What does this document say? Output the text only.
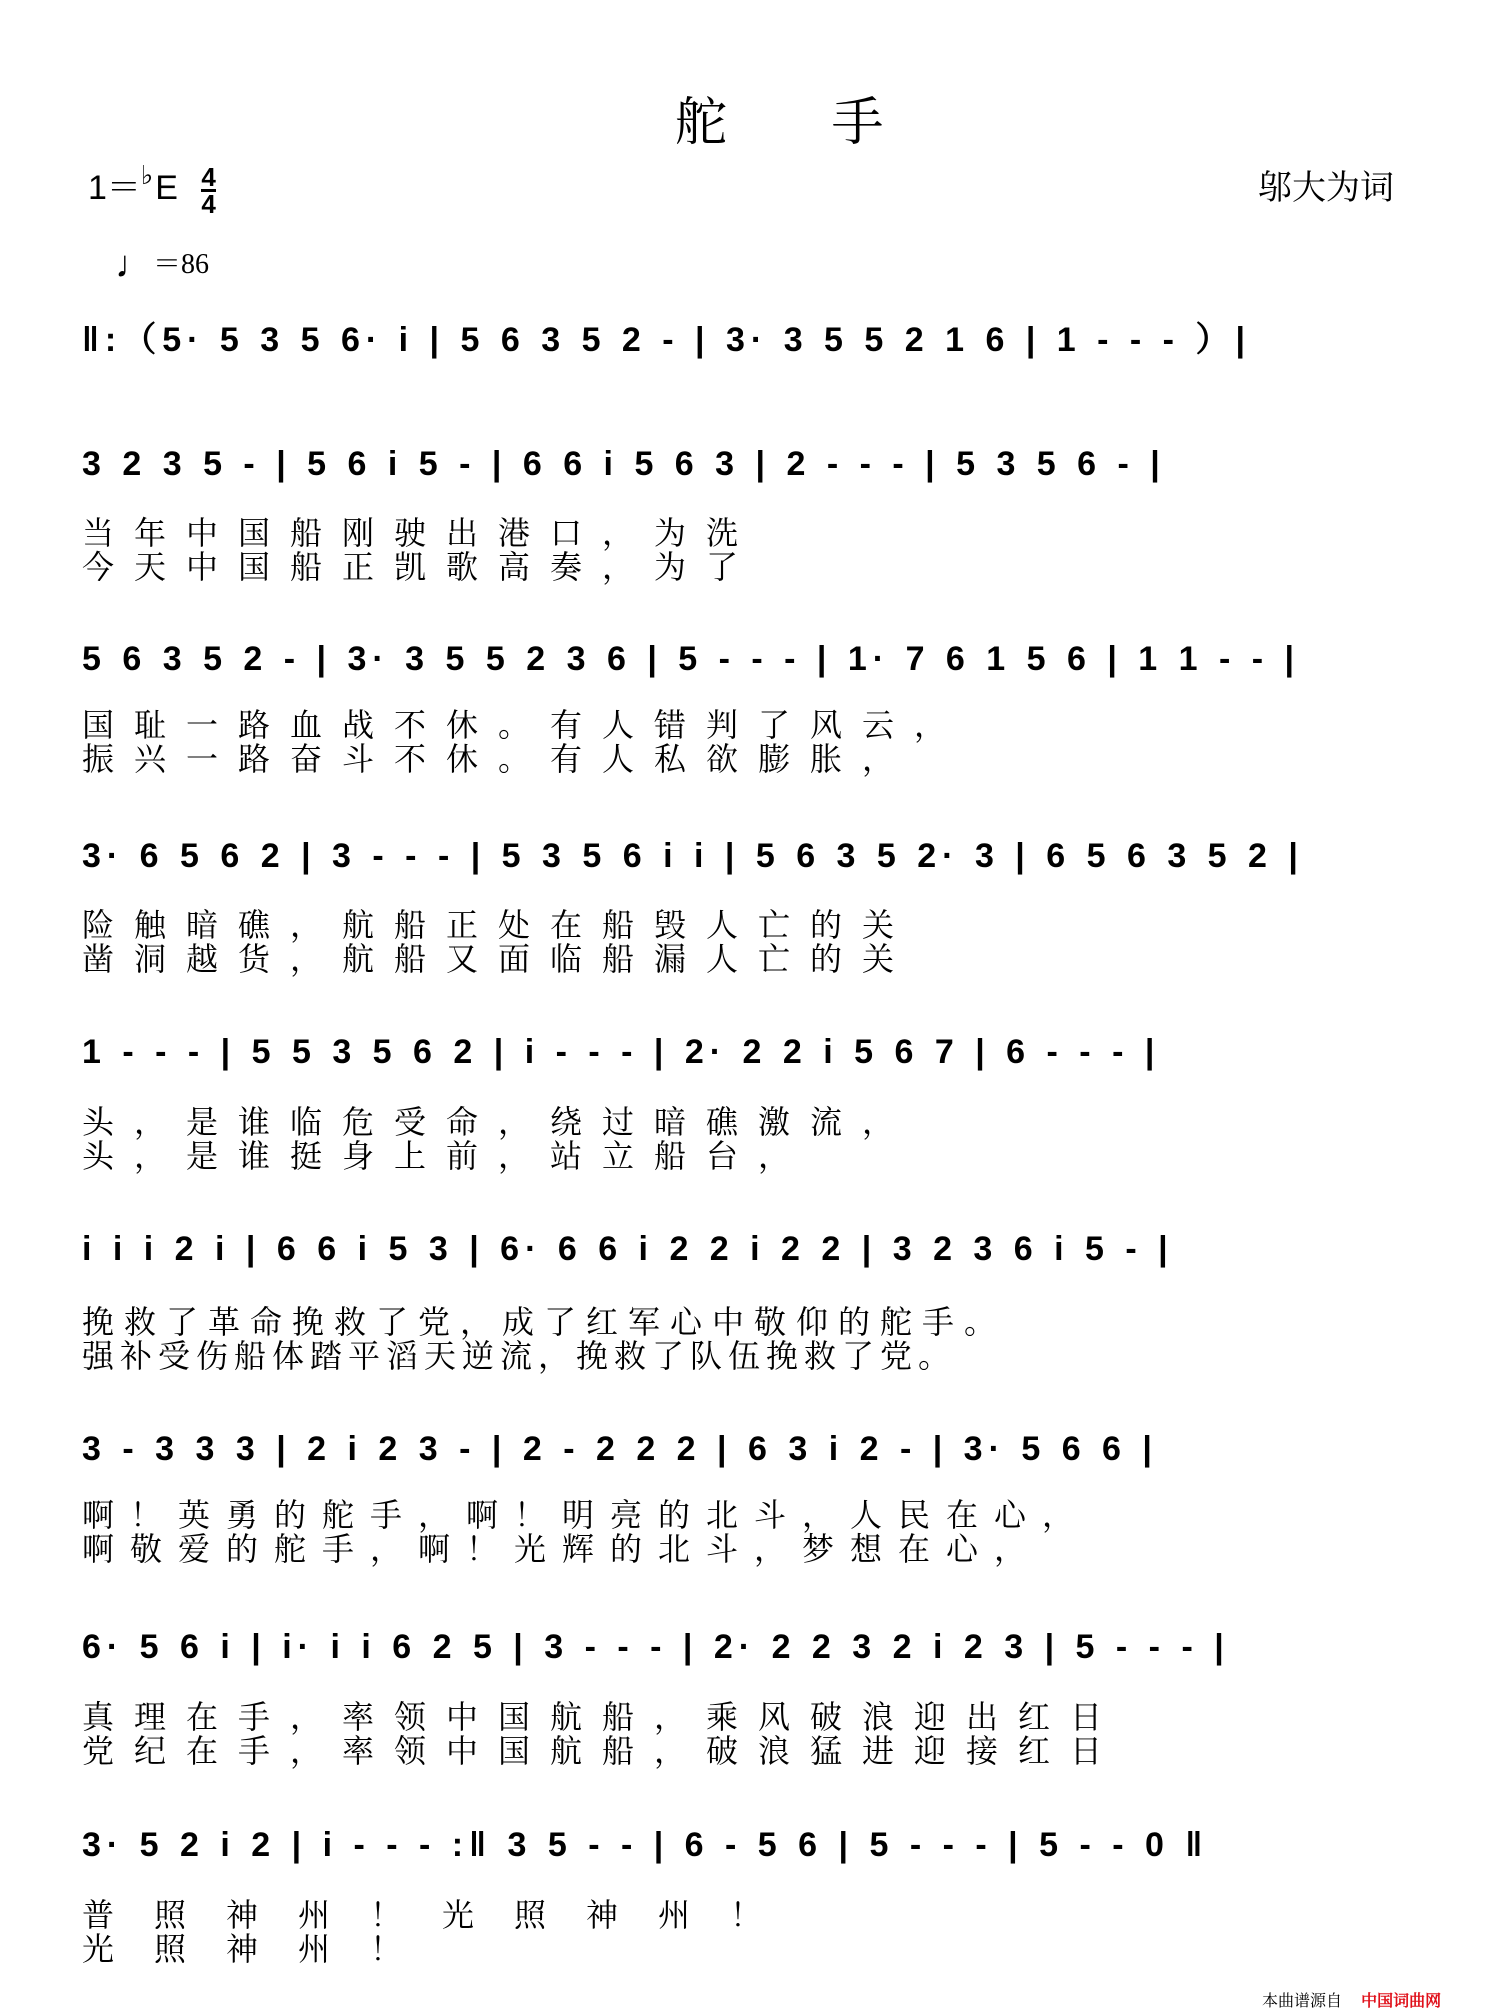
舵 手
$1=^♭E \frac{4}{4}$	邬大为词
♩＝86
‖:（5· 5 3 5 6· i | 5 6 3 5 2 - | 3· 3 5 5 2 1 6 | 1 - - - ）|
3 2 3 5 - | 5 6 i 5 - | 6 6 i 5 6 3 | 2 - - - | 5 3 5 6 - |
当年中国船刚驶出港口，为洗
今天中国船正凯歌高奏，为了
5 6 3 5 2 - | 3· 3 5 5 2 3 6 | 5 - - - | 1· 7 6 1 5 6 | 1 1 - - |
国耻一路血战不休。有人错判了风云，
振兴一路奋斗不休。有人私欲膨胀，
3· 6 5 6 2 | 3 - - - | 5 3 5 6 i i | 5 6 3 5 2· 3 | 6 5 6 3 5 2 |
险触暗礁，航船正处在船毁人亡的关
凿洞越货，航船又面临船漏人亡的关
1 - - - | 5 5 3 5 6 2 | i - - - | 2· 2 2 i 5 6 7 | 6 - - - |
头，是谁临危受命，绕过暗礁激流，
头，是谁挺身上前，站立船台，
i i i 2 i | 6 6 i 5 3 | 6· 6 6 i 2 2 i 2 2 | 3 2 3 6 i 5 - |
挽救了革命挽救了党，成了红军心中敬仰的舵手。
强补受伤船体踏平滔天逆流，挽救了队伍挽救了党。
3 - 3 3 3 | 2 i 2 3 - | 2 - 2 2 2 | 6 3 i 2 - | 3· 5 6 6 |
啊！英勇的舵手，啊！明亮的北斗，人民在心，
啊敬爱的舵手，啊！光辉的北斗，梦想在心，
6· 5 6 i | i· i i 6 2 5 | 3 - - - | 2· 2 2 3 2 i 2 3 | 5 - - - |
真理在手，率领中国航船，乘风破浪迎出红日
党纪在手，率领中国航船，破浪猛进迎接红日
3· 5 2 i 2 | i - - - :‖ 3 5 - - | 6 - 5 6 | 5 - - - | 5 - - 0 ‖
普照神州！光照神州！
光照神州！
本曲谱源自 中国词曲网
